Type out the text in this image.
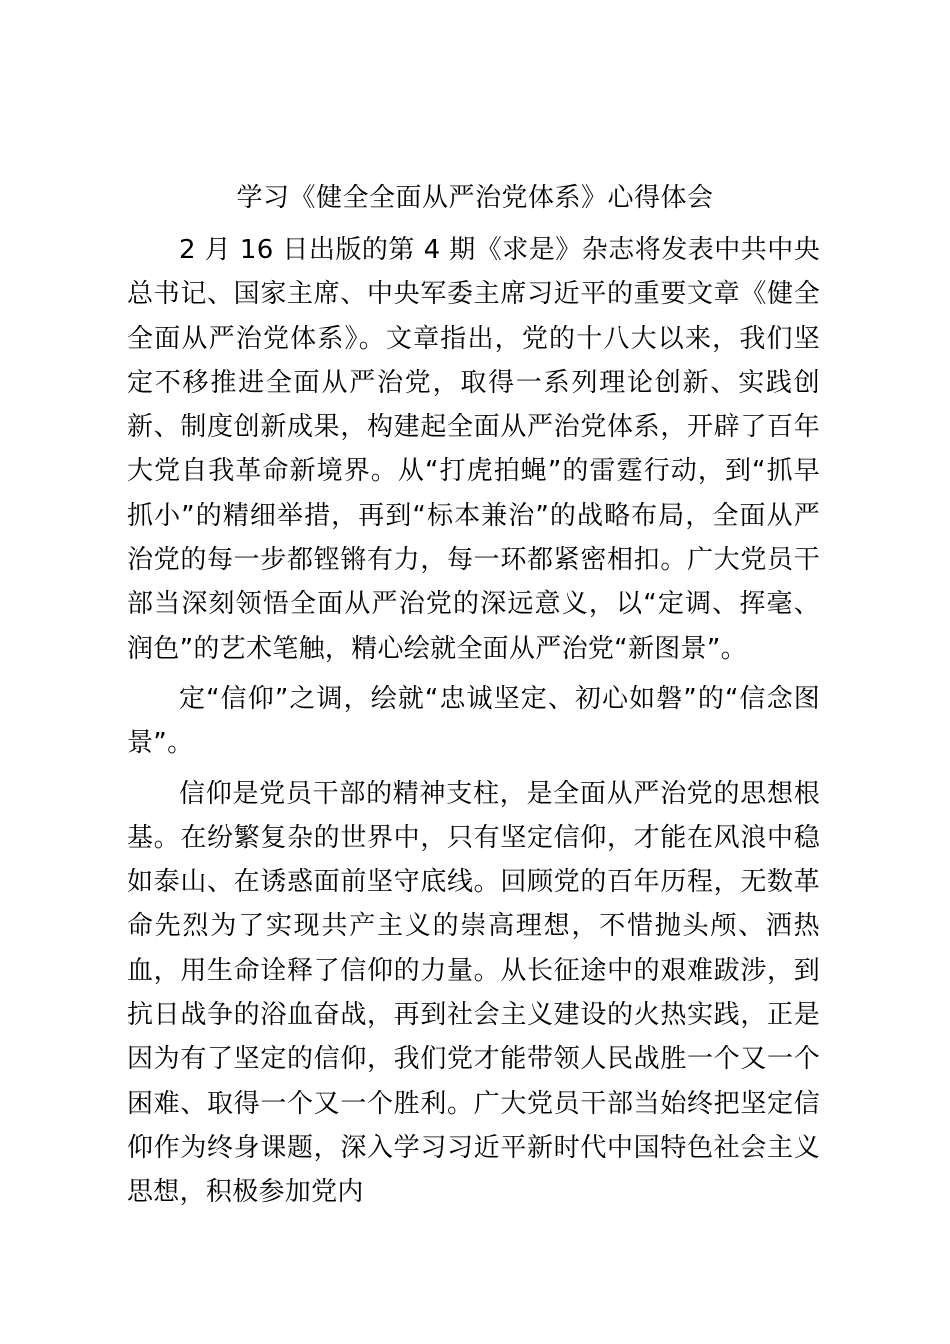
学习《健全全面从严治党体系》心得体会

2 月 16 日出版的第 4 期《求是》杂志将发表中共中央总书记、国家主席、中央军委主席习近平的重要文章《健全全面从严治党体系》。文章指出，党的十八大以来，我们坚定不移推进全面从严治党，取得一系列理论创新、实践创新、制度创新成果，构建起全面从严治党体系，开辟了百年大党自我革命新境界。从“打虎拍蝇”的雷霆行动，到“抓早抓小”的精细举措，再到“标本兼治”的战略布局，全面从严治党的每一步都铿锵有力，每一环都紧密相扣。广大党员干部当深刻领悟全面从严治党的深远意义，以“定调、挥毫、润色”的艺术笔触，精心绘就全面从严治党“新图景”。

定“信仰”之调，绘就“忠诚坚定、初心如磐”的“信念图景”。

信仰是党员干部的精神支柱，是全面从严治党的思想根基。在纷繁复杂的世界中，只有坚定信仰，才能在风浪中稳如泰山、在诱惑面前坚守底线。回顾党的百年历程，无数革命先烈为了实现共产主义的崇高理想，不惜抛头颅、洒热血，用生命诠释了信仰的力量。从长征途中的艰难跋涉，到抗日战争的浴血奋战，再到社会主义建设的火热实践，正是因为有了坚定的信仰，我们党才能带领人民战胜一个又一个困难、取得一个又一个胜利。广大党员干部当始终把坚定信仰作为终身课题，深入学习习近平新时代中国特色社会主义思想，积极参加党内
